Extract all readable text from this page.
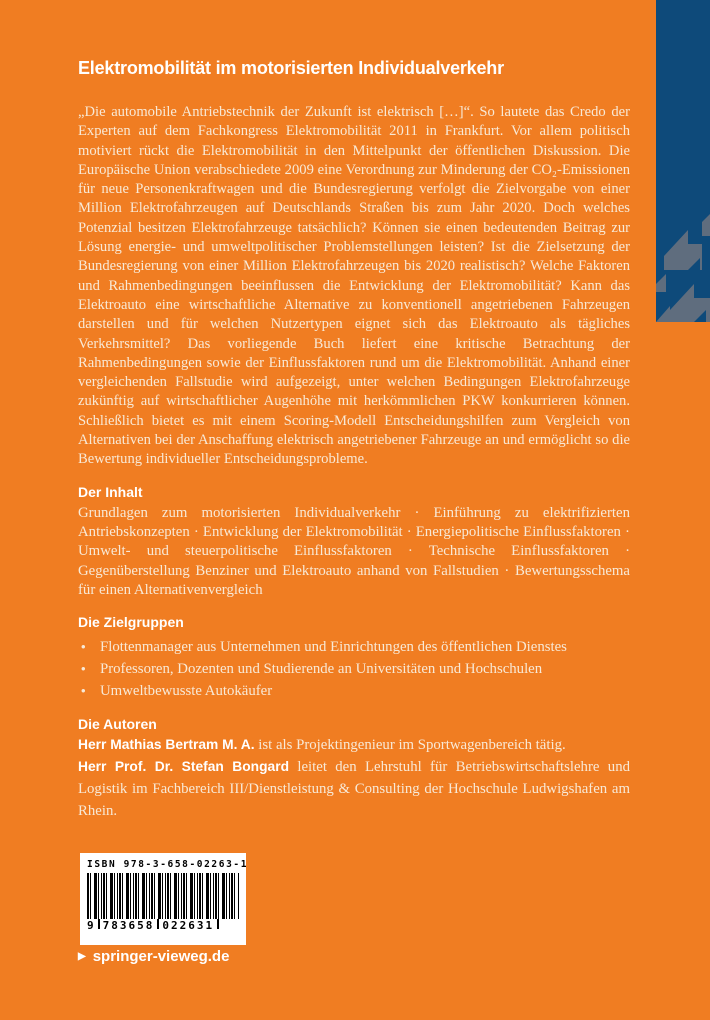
Elektromobilität im motorisierten Individualverkehr

„Die automobile Antriebstechnik der Zukunft ist elektrisch […]“. So lautete das Credo der Experten auf dem Fachkongress Elektromobilität 2011 in Frankfurt. Vor allem politisch motiviert rückt die Elektromobilität in den Mittelpunkt der öffentlichen Diskussion. Die Europäische Union verabschiedete 2009 eine Verordnung zur Minderung der CO₂-Emissionen für neue Personenkraftwagen und die Bundesregierung verfolgt die Zielvorgabe von einer Million Elektrofahrzeugen auf Deutschlands Straßen bis zum Jahr 2020. Doch welches Potenzial besitzen Elektrofahrzeuge tatsächlich? Können sie einen bedeutenden Beitrag zur Lösung energie- und umweltpolitischer Problemstellungen leisten? Ist die Zielsetzung der Bundesregierung von einer Million Elektrofahrzeugen bis 2020 realistisch? Welche Faktoren und Rahmenbedingungen beeinflussen die Entwicklung der Elektromobilität? Kann das Elektroauto eine wirtschaftliche Alternative zu konventionell angetriebenen Fahrzeugen darstellen und für welchen Nutzertypen eignet sich das Elektroauto als tägliches Verkehrsmittel? Das vorliegende Buch liefert eine kritische Betrachtung der Rahmenbedingungen sowie der Einflussfaktoren rund um die Elektromobilität. Anhand einer vergleichenden Fallstudie wird aufgezeigt, unter welchen Bedingungen Elektrofahrzeuge zukünftig auf wirtschaftlicher Augenhöhe mit herkömmlichen PKW konkurrieren können. Schließlich bietet es mit einem Scoring-Modell Entscheidungshilfen zum Vergleich von Alternativen bei der Anschaffung elektrisch angetriebener Fahrzeuge an und ermöglicht so die Bewertung individueller Entscheidungsprobleme.

Der Inhalt

Grundlagen zum motorisierten Individualverkehr · Einführung zu elektrifizierten Antriebskonzepten · Entwicklung der Elektromobilität · Energiepolitische Einflussfaktoren · Umwelt- und steuerpolitische Einflussfaktoren · Technische Einflussfaktoren · Gegenüberstellung Benziner und Elektroauto anhand von Fallstudien · Bewertungsschema für einen Alternativenvergleich

Die Zielgruppen
• Flottenmanager aus Unternehmen und Einrichtungen des öffentlichen Dienstes
• Professoren, Dozenten und Studierende an Universitäten und Hochschulen
• Umweltbewusste Autokäufer
Die Autoren

Herr Mathias Bertram M. A. ist als Projektingenieur im Sportwagenbereich tätig.

Herr Prof. Dr. Stefan Bongard leitet den Lehrstuhl für Betriebswirtschaftslehre und Logistik im Fachbereich III/Dienstleistung & Consulting der Hochschule Ludwigshafen am Rhein.

ISBN 978-3-658-02263-1
9 783658 022631
▶ springer-vieweg.de
